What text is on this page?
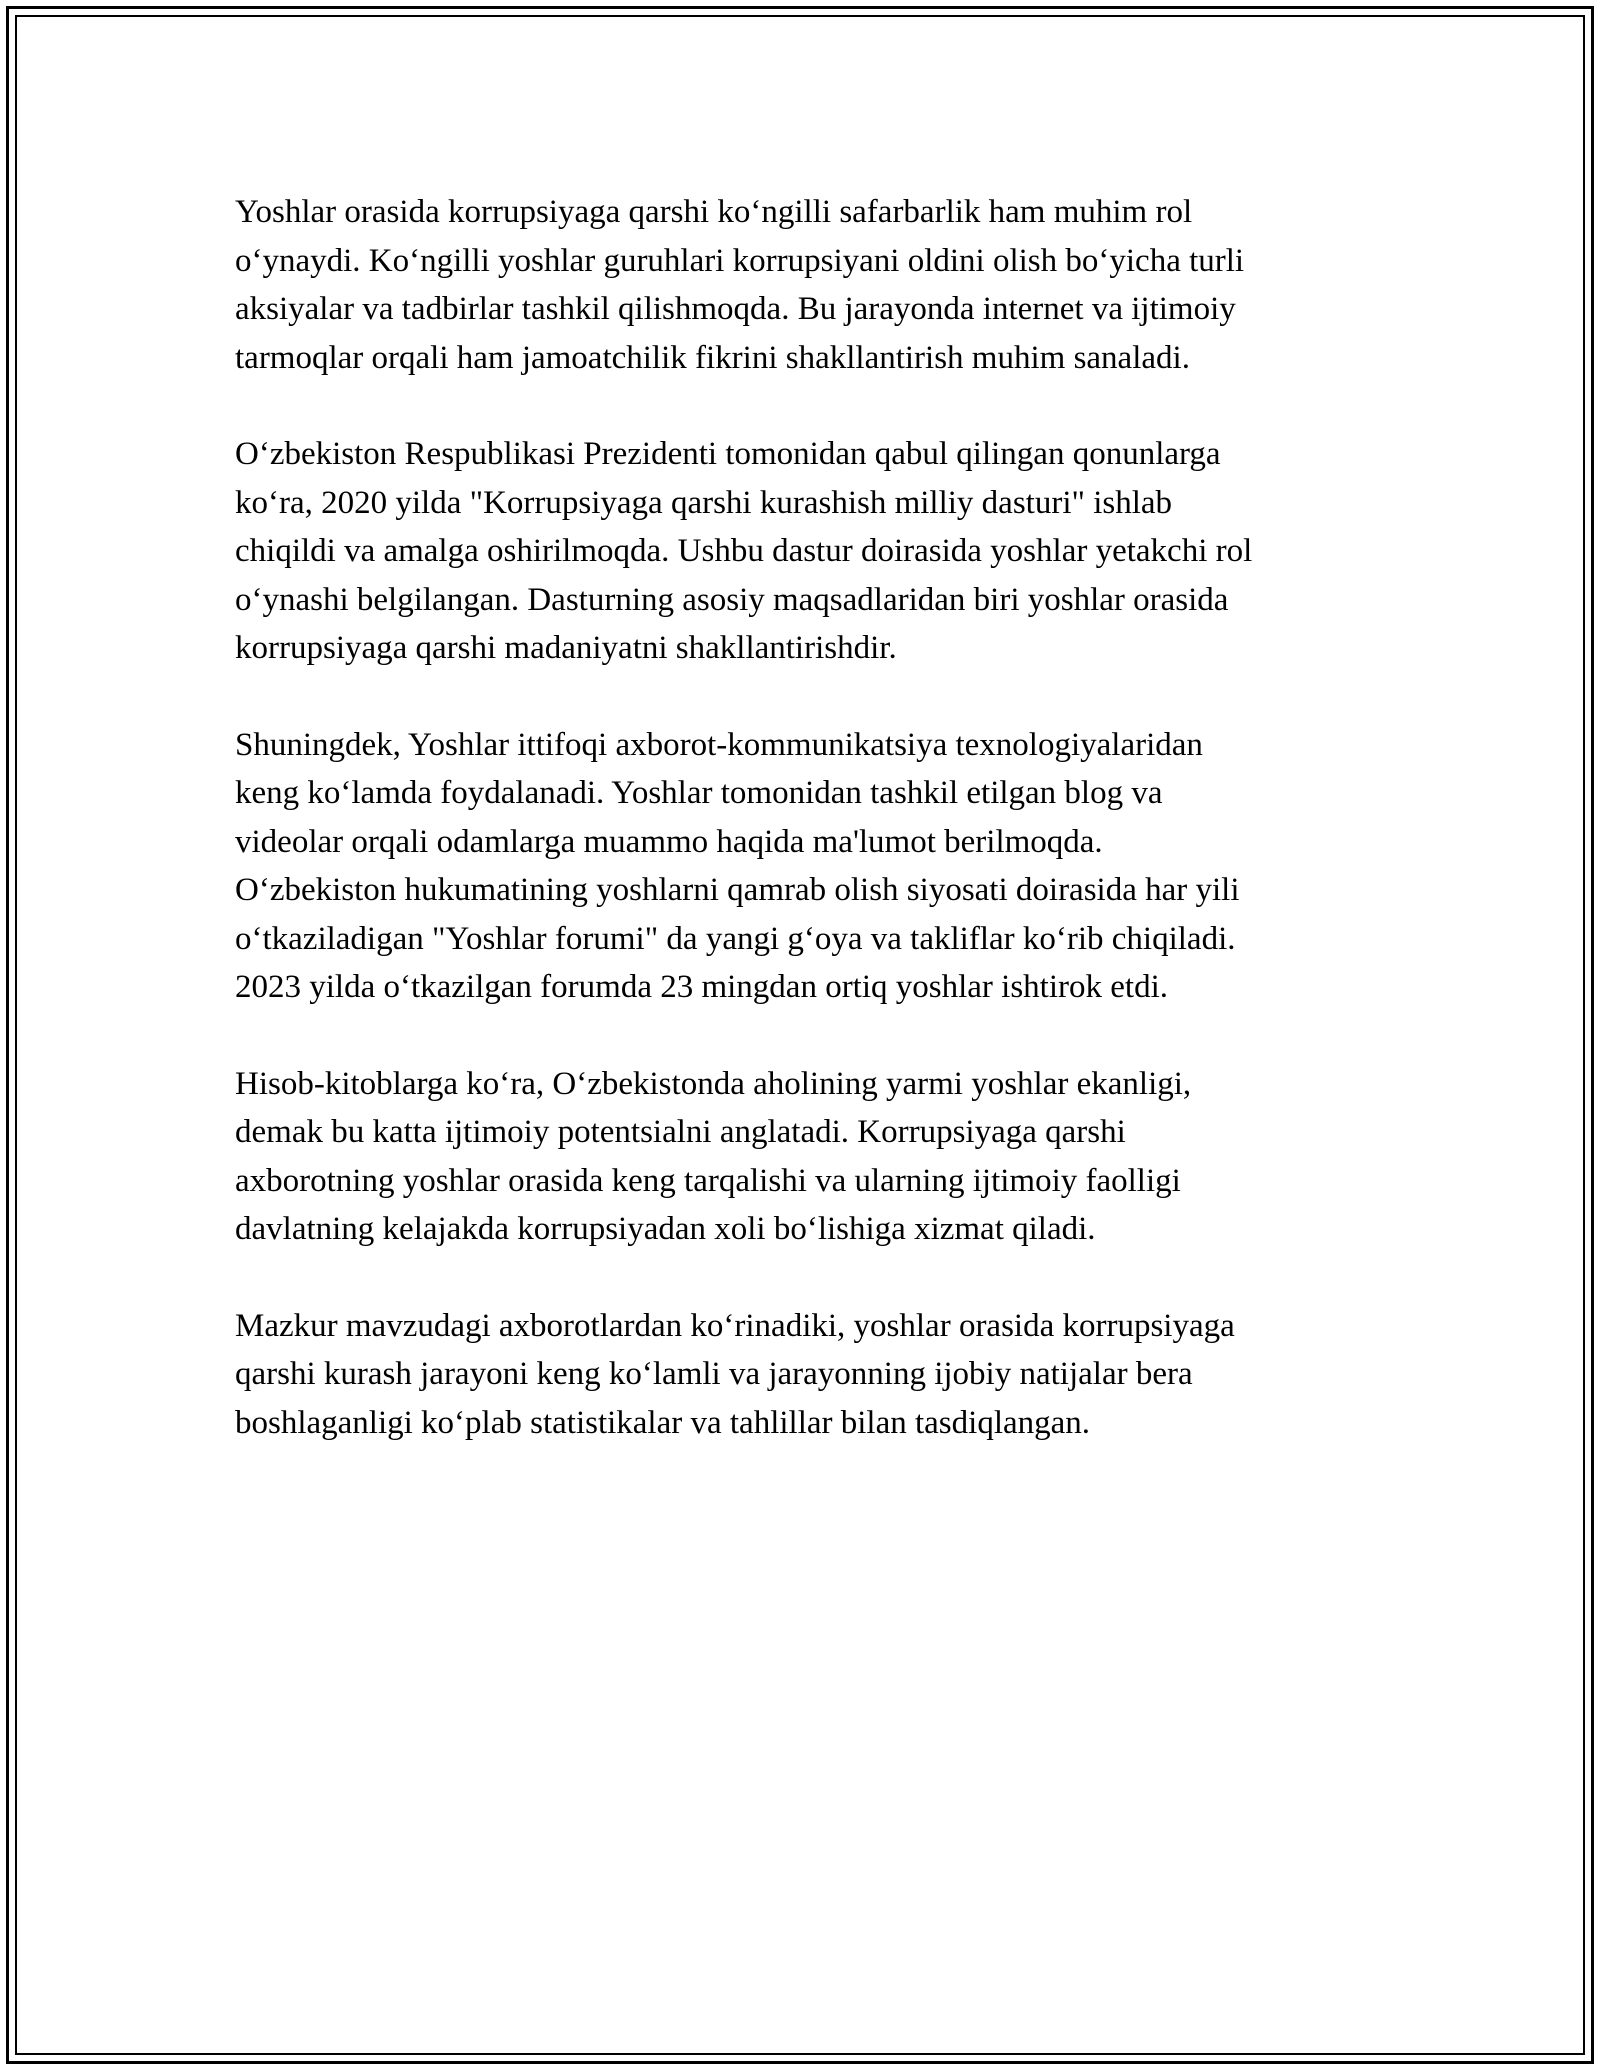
Yoshlar orasida korrupsiyaga qarshi ko‘ngilli safarbarlik ham muhim rol
o‘ynaydi. Ko‘ngilli yoshlar guruhlari korrupsiyani oldini olish bo‘yicha turli
aksiyalar va tadbirlar tashkil qilishmoqda. Bu jarayonda internet va ijtimoiy
tarmoqlar orqali ham jamoatchilik fikrini shakllantirish muhim sanaladi.

O‘zbekiston Respublikasi Prezidenti tomonidan qabul qilingan qonunlarga
ko‘ra, 2020 yilda "Korrupsiyaga qarshi kurashish milliy dasturi" ishlab
chiqildi va amalga oshirilmoqda. Ushbu dastur doirasida yoshlar yetakchi rol
o‘ynashi belgilangan. Dasturning asosiy maqsadlaridan biri yoshlar orasida
korrupsiyaga qarshi madaniyatni shakllantirishdir.

Shuningdek, Yoshlar ittifoqi axborot-kommunikatsiya texnologiyalaridan
keng ko‘lamda foydalanadi. Yoshlar tomonidan tashkil etilgan blog va
videolar orqali odamlarga muammo haqida ma'lumot berilmoqda.
O‘zbekiston hukumatining yoshlarni qamrab olish siyosati doirasida har yili
o‘tkaziladigan "Yoshlar forumi" da yangi g‘oya va takliflar ko‘rib chiqiladi.
2023 yilda o‘tkazilgan forumda 23 mingdan ortiq yoshlar ishtirok etdi.

Hisob-kitoblarga ko‘ra, O‘zbekistonda aholining yarmi yoshlar ekanligi,
demak bu katta ijtimoiy potentsialni anglatadi. Korrupsiyaga qarshi
axborotning yoshlar orasida keng tarqalishi va ularning ijtimoiy faolligi
davlatning kelajakda korrupsiyadan xoli bo‘lishiga xizmat qiladi.

Mazkur mavzudagi axborotlardan ko‘rinadiki, yoshlar orasida korrupsiyaga
qarshi kurash jarayoni keng ko‘lamli va jarayonning ijobiy natijalar bera
boshlaganligi ko‘plab statistikalar va tahlillar bilan tasdiqlangan.
